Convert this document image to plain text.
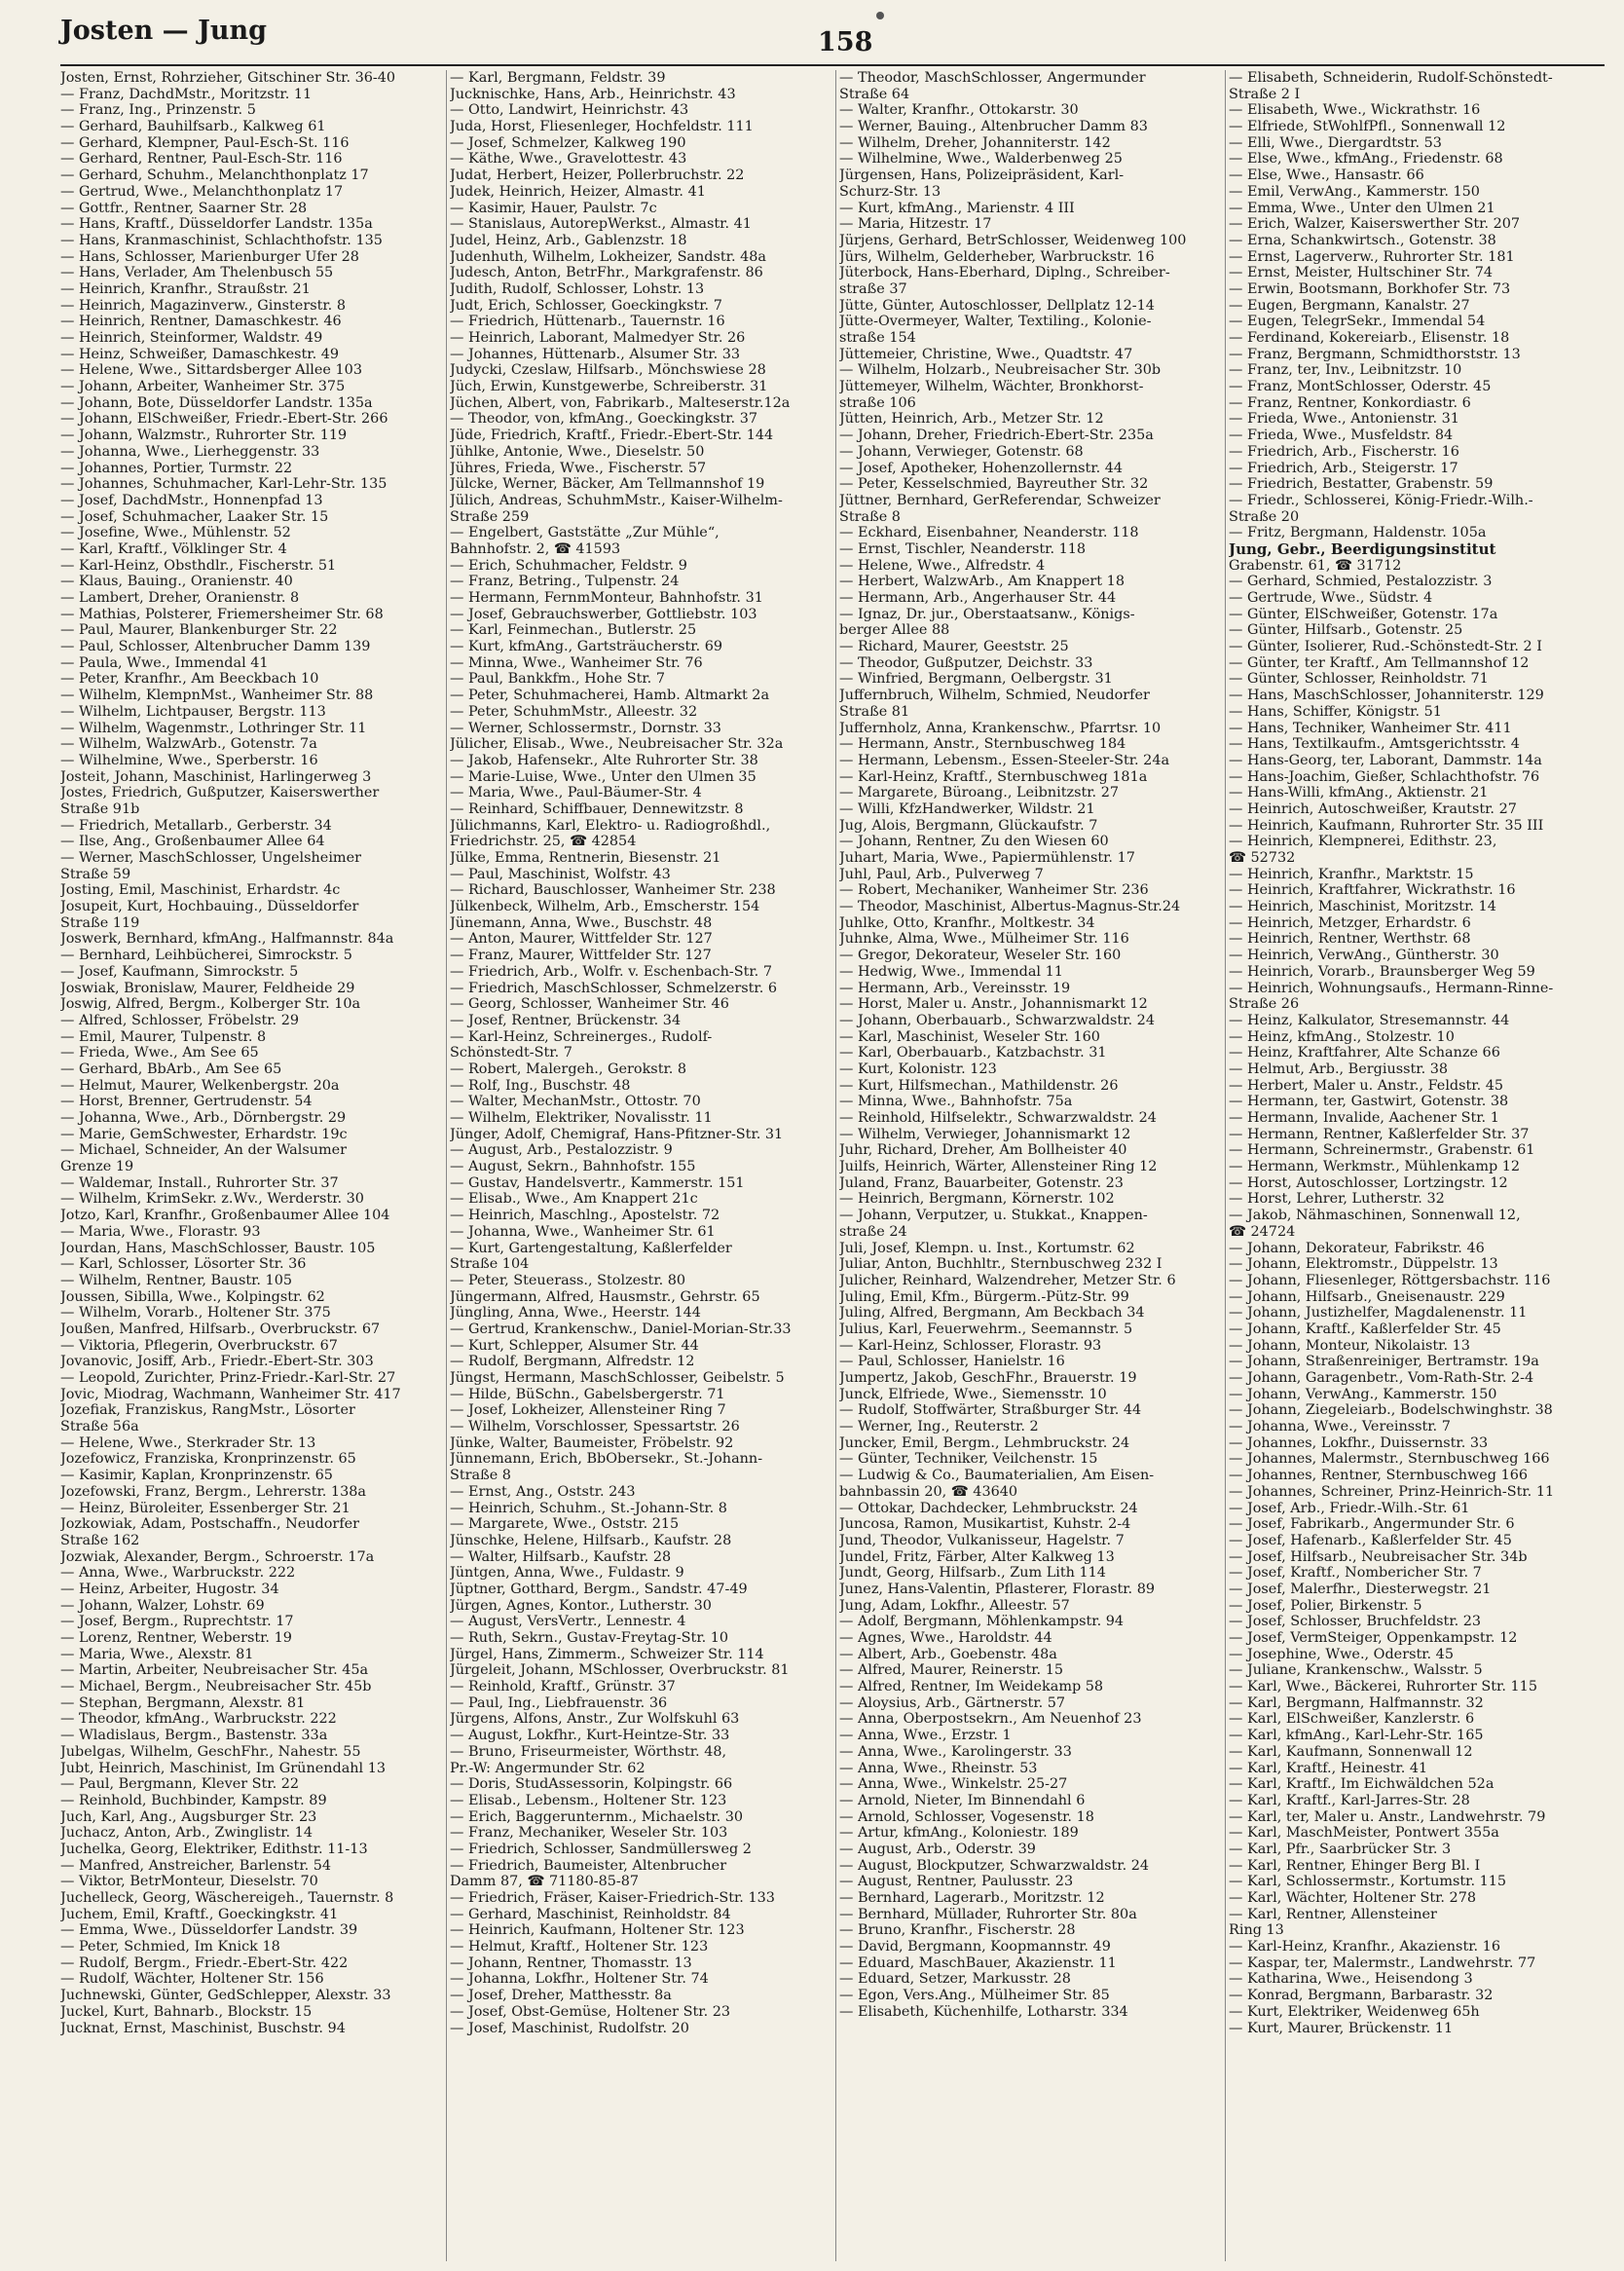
Josten — Jung	158
Josten, Ernst, Rohrzieher, Gitschiner Str. 36-40
— Franz, DachdMstr., Moritzstr. 11
— Franz, Ing., Prinzenstr. 5
— Gerhard, Bauhilfsarb., Kalkweg 61
— Gerhard, Klempner, Paul-Esch-St. 116
— Gerhard, Rentner, Paul-Esch-Str. 116
— Gerhard, Schuhm., Melanchthonplatz 17
— Gertrud, Wwe., Melanchthonplatz 17
— Gottfr., Rentner, Saarner Str. 28
— Hans, Kraftf., Düsseldorfer Landstr. 135a
— Hans, Kranmaschinist, Schlachthofstr. 135
— Hans, Schlosser, Marienburger Ufer 28
— Hans, Verlader, Am Thelenbusch 55
— Heinrich, Kranfhr., Straußstr. 21
— Heinrich, Magazinverw., Ginsterstr. 8
— Heinrich, Rentner, Damaschkestr. 46
— Heinrich, Steinformer, Waldstr. 49
— Heinz, Schweißer, Damaschkestr. 49
— Helene, Wwe., Sittardsberger Allee 103
— Johann, Arbeiter, Wanheimer Str. 375
— Johann, Bote, Düsseldorfer Landstr. 135a
— Johann, ElSchweißer, Friedr.-Ebert-Str. 266
— Johann, Walzmstr., Ruhrorter Str. 119
— Johanna, Wwe., Lierheggenstr. 33
— Johannes, Portier, Turmstr. 22
— Johannes, Schuhmacher, Karl-Lehr-Str. 135
— Josef, DachdMstr., Honnenpfad 13
— Josef, Schuhmacher, Laaker Str. 15
— Josefine, Wwe., Mühlenstr. 52
— Karl, Kraftf., Völklinger Str. 4
— Karl-Heinz, Obsthdlr., Fischerstr. 51
— Klaus, Bauing., Oranienstr. 40
— Lambert, Dreher, Oranienstr. 8
— Mathias, Polsterer, Friemersheimer Str. 68
— Paul, Maurer, Blankenburger Str. 22
— Paul, Schlosser, Altenbrucher Damm 139
— Paula, Wwe., Immendal 41
— Peter, Kranfhr., Am Beeckbach 10
— Wilhelm, KlempnMst., Wanheimer Str. 88
— Wilhelm, Lichtpauser, Bergstr. 113
— Wilhelm, Wagenmstr., Lothringer Str. 11
— Wilhelm, WalzwArb., Gotenstr. 7a
— Wilhelmine, Wwe., Sperberstr. 16
Josteit, Johann, Maschinist, Harlingerweg 3
Jostes, Friedrich, Gußputzer, Kaiserswerther
Straße 91b
— Friedrich, Metallarb., Gerberstr. 34
— Ilse, Ang., Großenbaumer Allee 64
— Werner, MaschSchlosser, Ungelsheimer
Straße 59
Josting, Emil, Maschinist, Erhardstr. 4c
Josupeit, Kurt, Hochbauing., Düsseldorfer
Straße 119
Joswerk, Bernhard, kfmAng., Halfmannstr. 84a
— Bernhard, Leihbücherei, Simrockstr. 5
— Josef, Kaufmann, Simrockstr. 5
Joswiak, Bronislaw, Maurer, Feldheide 29
Joswig, Alfred, Bergm., Kolberger Str. 10a
— Alfred, Schlosser, Fröbelstr. 29
— Emil, Maurer, Tulpenstr. 8
— Frieda, Wwe., Am See 65
— Gerhard, BbArb., Am See 65
— Helmut, Maurer, Welkenbergstr. 20a
— Horst, Brenner, Gertrudenstr. 54
— Johanna, Wwe., Arb., Dörnbergstr. 29
— Marie, GemSchwester, Erhardstr. 19c
— Michael, Schneider, An der Walsumer
Grenze 19
— Waldemar, Install., Ruhrorter Str. 37
— Wilhelm, KrimSekr. z.Wv., Werderstr. 30
Jotzo, Karl, Kranfhr., Großenbaumer Allee 104
— Maria, Wwe., Florastr. 93
Jourdan, Hans, MaschSchlosser, Baustr. 105
— Karl, Schlosser, Lösorter Str. 36
— Wilhelm, Rentner, Baustr. 105
Joussen, Sibilla, Wwe., Kolpingstr. 62
— Wilhelm, Vorarb., Holtener Str. 375
Joußen, Manfred, Hilfsarb., Overbruckstr. 67
— Viktoria, Pflegerin, Overbruckstr. 67
Jovanovic, Josiff, Arb., Friedr.-Ebert-Str. 303
— Leopold, Zurichter, Prinz-Friedr.-Karl-Str. 27
Jovic, Miodrag, Wachmann, Wanheimer Str. 417
Jozefiak, Franziskus, RangMstr., Lösorter
Straße 56a
— Helene, Wwe., Sterkrader Str. 13
Jozefowicz, Franziska, Kronprinzenstr. 65
— Kasimir, Kaplan, Kronprinzenstr. 65
Jozefowski, Franz, Bergm., Lehrerstr. 138a
— Heinz, Büroleiter, Essenberger Str. 21
Jozkowiak, Adam, Postschaffn., Neudorfer
Straße 162
Jozwiak, Alexander, Bergm., Schroerstr. 17a
— Anna, Wwe., Warbruckstr. 222
— Heinz, Arbeiter, Hugostr. 34
— Johann, Walzer, Lohstr. 69
— Josef, Bergm., Ruprechtstr. 17
— Lorenz, Rentner, Weberstr. 19
— Maria, Wwe., Alexstr. 81
— Martin, Arbeiter, Neubreisacher Str. 45a
— Michael, Bergm., Neubreisacher Str. 45b
— Stephan, Bergmann, Alexstr. 81
— Theodor, kfmAng., Warbruckstr. 222
— Wladislaus, Bergm., Bastenstr. 33a
Jubelgas, Wilhelm, GeschFhr., Nahestr. 55
Jubt, Heinrich, Maschinist, Im Grünendahl 13
— Paul, Bergmann, Klever Str. 22
— Reinhold, Buchbinder, Kampstr. 89
Juch, Karl, Ang., Augsburger Str. 23
Juchacz, Anton, Arb., Zwinglistr. 14
Juchelka, Georg, Elektriker, Edithstr. 11-13
— Manfred, Anstreicher, Barlenstr. 54
— Viktor, BetrMonteur, Dieselstr. 70
Juchelleck, Georg, Wäschereigeh., Tauernstr. 8
Juchem, Emil, Kraftf., Goeckingkstr. 41
— Emma, Wwe., Düsseldorfer Landstr. 39
— Peter, Schmied, Im Knick 18
— Rudolf, Bergm., Friedr.-Ebert-Str. 422
— Rudolf, Wächter, Holtener Str. 156
Juchnewski, Günter, GedSchlepper, Alexstr. 33
Juckel, Kurt, Bahnarb., Blockstr. 15
Jucknat, Ernst, Maschinist, Buschstr. 94
— Karl, Bergmann, Feldstr. 39
Jucknischke, Hans, Arb., Heinrichstr. 43
— Otto, Landwirt, Heinrichstr. 43
Juda, Horst, Fliesenleger, Hochfeldstr. 111
— Josef, Schmelzer, Kalkweg 190
— Käthe, Wwe., Gravelottestr. 43
Judat, Herbert, Heizer, Pollerbruchstr. 22
Judek, Heinrich, Heizer, Almastr. 41
— Kasimir, Hauer, Paulstr. 7c
— Stanislaus, AutorepWerkst., Almastr. 41
Judel, Heinz, Arb., Gablenzstr. 18
Judenhuth, Wilhelm, Lokheizer, Sandstr. 48a
Judesch, Anton, BetrFhr., Markgrafenstr. 86
Judith, Rudolf, Schlosser, Lohstr. 13
Judt, Erich, Schlosser, Goeckingkstr. 7
— Friedrich, Hüttenarb., Tauernstr. 16
— Heinrich, Laborant, Malmedyer Str. 26
— Johannes, Hüttenarb., Alsumer Str. 33
Judycki, Czeslaw, Hilfsarb., Mönchswiese 28
Jüch, Erwin, Kunstgewerbe, Schreiberstr. 31
Jüchen, Albert, von, Fabrikarb., Malteserstr.12a
— Theodor, von, kfmAng., Goeckingkstr. 37
Jüde, Friedrich, Kraftf., Friedr.-Ebert-Str. 144
Jühlke, Antonie, Wwe., Dieselstr. 50
Jühres, Frieda, Wwe., Fischerstr. 57
Jülcke, Werner, Bäcker, Am Tellmannshof 19
Jülich, Andreas, SchuhmMstr., Kaiser-Wilhelm-
Straße 259
— Engelbert, Gaststätte „Zur Mühle“,
Bahnhofstr. 2, ☎ 41593
— Erich, Schuhmacher, Feldstr. 9
— Franz, Betring., Tulpenstr. 24
— Hermann, FernmMonteur, Bahnhofstr. 31
— Josef, Gebrauchswerber, Gottliebstr. 103
— Karl, Feinmechan., Butlerstr. 25
— Kurt, kfmAng., Gartsträucherstr. 69
— Minna, Wwe., Wanheimer Str. 76
— Paul, Bankkfm., Hohe Str. 7
— Peter, Schuhmacherei, Hamb. Altmarkt 2a
— Peter, SchuhmMstr., Alleestr. 32
— Werner, Schlossermstr., Dornstr. 33
Jülicher, Elisab., Wwe., Neubreisacher Str. 32a
— Jakob, Hafensekr., Alte Ruhrorter Str. 38
— Marie-Luise, Wwe., Unter den Ulmen 35
— Maria, Wwe., Paul-Bäumer-Str. 4
— Reinhard, Schiffbauer, Dennewitzstr. 8
Jülichmanns, Karl, Elektro- u. Radiogroßhdl.,
Friedrichstr. 25, ☎ 42854
Jülke, Emma, Rentnerin, Biesenstr. 21
— Paul, Maschinist, Wolfstr. 43
— Richard, Bauschlosser, Wanheimer Str. 238
Jülkenbeck, Wilhelm, Arb., Emscherstr. 154
Jünemann, Anna, Wwe., Buschstr. 48
— Anton, Maurer, Wittfelder Str. 127
— Franz, Maurer, Wittfelder Str. 127
— Friedrich, Arb., Wolfr. v. Eschenbach-Str. 7
— Friedrich, MaschSchlosser, Schmelzerstr. 6
— Georg, Schlosser, Wanheimer Str. 46
— Josef, Rentner, Brückenstr. 34
— Karl-Heinz, Schreinerges., Rudolf-
Schönstedt-Str. 7
— Robert, Malergeh., Gerokstr. 8
— Rolf, Ing., Buschstr. 48
— Walter, MechanMstr., Ottostr. 70
— Wilhelm, Elektriker, Novalisstr. 11
Jünger, Adolf, Chemigraf, Hans-Pfitzner-Str. 31
— August, Arb., Pestalozzistr. 9
— August, Sekrn., Bahnhofstr. 155
— Gustav, Handelsvertr., Kammerstr. 151
— Elisab., Wwe., Am Knappert 21c
— Heinrich, Maschlng., Apostelstr. 72
— Johanna, Wwe., Wanheimer Str. 61
— Kurt, Gartengestaltung, Kaßlerfelder
Straße 104
— Peter, Steuerass., Stolzestr. 80
Jüngermann, Alfred, Hausmstr., Gehrstr. 65
Jüngling, Anna, Wwe., Heerstr. 144
— Gertrud, Krankenschw., Daniel-Morian-Str.33
— Kurt, Schlepper, Alsumer Str. 44
— Rudolf, Bergmann, Alfredstr. 12
Jüngst, Hermann, MaschSchlosser, Geibelstr. 5
— Hilde, BüSchn., Gabelsbergerstr. 71
— Josef, Lokheizer, Allensteiner Ring 7
— Wilhelm, Vorschlosser, Spessartstr. 26
Jünke, Walter, Baumeister, Fröbelstr. 92
Jünnemann, Erich, BbObersekr., St.-Johann-
Straße 8
— Ernst, Ang., Oststr. 243
— Heinrich, Schuhm., St.-Johann-Str. 8
— Margarete, Wwe., Oststr. 215
Jünschke, Helene, Hilfsarb., Kaufstr. 28
— Walter, Hilfsarb., Kaufstr. 28
Jüntgen, Anna, Wwe., Fuldastr. 9
Jüptner, Gotthard, Bergm., Sandstr. 47-49
Jürgen, Agnes, Kontor., Lutherstr. 30
— August, VersVertr., Lennestr. 4
— Ruth, Sekrn., Gustav-Freytag-Str. 10
Jürgel, Hans, Zimmerm., Schweizer Str. 114
Jürgeleit, Johann, MSchlosser, Overbruckstr. 81
— Reinhold, Kraftf., Grünstr. 37
— Paul, Ing., Liebfrauenstr. 36
Jürgens, Alfons, Anstr., Zur Wolfskuhl 63
— August, Lokfhr., Kurt-Heintze-Str. 33
— Bruno, Friseurmeister, Wörthstr. 48,
Pr.-W: Angermunder Str. 62
— Doris, StudAssessorin, Kolpingstr. 66
— Elisab., Lebensm., Holtener Str. 123
— Erich, Baggerunternm., Michaelstr. 30
— Franz, Mechaniker, Weseler Str. 103
— Friedrich, Schlosser, Sandmüllersweg 2
— Friedrich, Baumeister, Altenbrucher
Damm 87, ☎ 71180-85-87
— Friedrich, Fräser, Kaiser-Friedrich-Str. 133
— Gerhard, Maschinist, Reinholdstr. 84
— Heinrich, Kaufmann, Holtener Str. 123
— Helmut, Kraftf., Holtener Str. 123
— Johann, Rentner, Thomasstr. 13
— Johanna, Lokfhr., Holtener Str. 74
— Josef, Dreher, Matthesstr. 8a
— Josef, Obst-Gemüse, Holtener Str. 23
— Josef, Maschinist, Rudolfstr. 20
— Theodor, MaschSchlosser, Angermunder
Straße 64
— Walter, Kranfhr., Ottokarstr. 30
— Werner, Bauing., Altenbrucher Damm 83
— Wilhelm, Dreher, Johanniterstr. 142
— Wilhelmine, Wwe., Walderbenweg 25
Jürgensen, Hans, Polizeipräsident, Karl-
Schurz-Str. 13
— Kurt, kfmAng., Marienstr. 4 III
— Maria, Hitzestr. 17
Jürjens, Gerhard, BetrSchlosser, Weidenweg 100
Jürs, Wilhelm, Gelderheber, Warbruckstr. 16
Jüterbock, Hans-Eberhard, Diplng., Schreiber-
straße 37
Jütte, Günter, Autoschlosser, Dellplatz 12-14
Jütte-Overmeyer, Walter, Textiling., Kolonie-
straße 154
Jüttemeier, Christine, Wwe., Quadtstr. 47
— Wilhelm, Holzarb., Neubreisacher Str. 30b
Jüttemeyer, Wilhelm, Wächter, Bronkhorst-
straße 106
Jütten, Heinrich, Arb., Metzer Str. 12
— Johann, Dreher, Friedrich-Ebert-Str. 235a
— Johann, Verwieger, Gotenstr. 68
— Josef, Apotheker, Hohenzollernstr. 44
— Peter, Kesselschmied, Bayreuther Str. 32
Jüttner, Bernhard, GerReferendar, Schweizer
Straße 8
— Eckhard, Eisenbahner, Neanderstr. 118
— Ernst, Tischler, Neanderstr. 118
— Helene, Wwe., Alfredstr. 4
— Herbert, WalzwArb., Am Knappert 18
— Hermann, Arb., Angerhauser Str. 44
— Ignaz, Dr. jur., Oberstaatsanw., Königs-
berger Allee 88
— Richard, Maurer, Geeststr. 25
— Theodor, Gußputzer, Deichstr. 33
— Winfried, Bergmann, Oelbergstr. 31
Juffernbruch, Wilhelm, Schmied, Neudorfer
Straße 81
Juffernholz, Anna, Krankenschw., Pfarrtsr. 10
— Hermann, Anstr., Sternbuschweg 184
— Hermann, Lebensm., Essen-Steeler-Str. 24a
— Karl-Heinz, Kraftf., Sternbuschweg 181a
— Margarete, Büroang., Leibnitzstr. 27
— Willi, KfzHandwerker, Wildstr. 21
Jug, Alois, Bergmann, Glückaufstr. 7
— Johann, Rentner, Zu den Wiesen 60
Juhart, Maria, Wwe., Papiermühlenstr. 17
Juhl, Paul, Arb., Pulverweg 7
— Robert, Mechaniker, Wanheimer Str. 236
— Theodor, Maschinist, Albertus-Magnus-Str.24
Juhlke, Otto, Kranfhr., Moltkestr. 34
Juhnke, Alma, Wwe., Mülheimer Str. 116
— Gregor, Dekorateur, Weseler Str. 160
— Hedwig, Wwe., Immendal 11
— Hermann, Arb., Vereinsstr. 19
— Horst, Maler u. Anstr., Johannismarkt 12
— Johann, Oberbauarb., Schwarzwaldstr. 24
— Karl, Maschinist, Weseler Str. 160
— Karl, Oberbauarb., Katzbachstr. 31
— Kurt, Kolonistr. 123
— Kurt, Hilfsmechan., Mathildenstr. 26
— Minna, Wwe., Bahnhofstr. 75a
— Reinhold, Hilfselektr., Schwarzwaldstr. 24
— Wilhelm, Verwieger, Johannismarkt 12
Juhr, Richard, Dreher, Am Bollheister 40
Juilfs, Heinrich, Wärter, Allensteiner Ring 12
Juland, Franz, Bauarbeiter, Gotenstr. 23
— Heinrich, Bergmann, Körnerstr. 102
— Johann, Verputzer, u. Stukkat., Knappen-
straße 24
Juli, Josef, Klempn. u. Inst., Kortumstr. 62
Juliar, Anton, Buchhltr., Sternbuschweg 232 I
Julicher, Reinhard, Walzendreher, Metzer Str. 6
Juling, Emil, Kfm., Bürgerm.-Pütz-Str. 99
Juling, Alfred, Bergmann, Am Beckbach 34
Julius, Karl, Feuerwehrm., Seemannstr. 5
— Karl-Heinz, Schlosser, Florastr. 93
— Paul, Schlosser, Hanielstr. 16
Jumpertz, Jakob, GeschFhr., Brauerstr. 19
Junck, Elfriede, Wwe., Siemensstr. 10
— Rudolf, Stoffwärter, Straßburger Str. 44
— Werner, Ing., Reuterstr. 2
Juncker, Emil, Bergm., Lehmbruckstr. 24
— Günter, Techniker, Veilchenstr. 15
— Ludwig & Co., Baumaterialien, Am Eisen-
bahnbassin 20, ☎ 43640
— Ottokar, Dachdecker, Lehmbruckstr. 24
Juncosa, Ramon, Musikartist, Kuhstr. 2-4
Jund, Theodor, Vulkanisseur, Hagelstr. 7
Jundel, Fritz, Färber, Alter Kalkweg 13
Jundt, Georg, Hilfsarb., Zum Lith 114
Junez, Hans-Valentin, Pflasterer, Florastr. 89
Jung, Adam, Lokfhr., Alleestr. 57
— Adolf, Bergmann, Möhlenkampstr. 94
— Agnes, Wwe., Haroldstr. 44
— Albert, Arb., Goebenstr. 48a
— Alfred, Maurer, Reinerstr. 15
— Alfred, Rentner, Im Weidekamp 58
— Aloysius, Arb., Gärtnerstr. 57
— Anna, Oberpostsekrn., Am Neuenhof 23
— Anna, Wwe., Erzstr. 1
— Anna, Wwe., Karolingerstr. 33
— Anna, Wwe., Rheinstr. 53
— Anna, Wwe., Winkelstr. 25-27
— Arnold, Nieter, Im Binnendahl 6
— Arnold, Schlosser, Vogesenstr. 18
— Artur, kfmAng., Koloniestr. 189
— August, Arb., Oderstr. 39
— August, Blockputzer, Schwarzwaldstr. 24
— August, Rentner, Paulusstr. 23
— Bernhard, Lagerarb., Moritzstr. 12
— Bernhard, Müllader, Ruhrorter Str. 80a
— Bruno, Kranfhr., Fischerstr. 28
— David, Bergmann, Koopmannstr. 49
— Eduard, MaschBauer, Akazienstr. 11
— Eduard, Setzer, Markusstr. 28
— Egon, Vers.Ang., Mülheimer Str. 85
— Elisabeth, Küchenhilfe, Lotharstr. 334
— Elisabeth, Schneiderin, Rudolf-Schönstedt-
Straße 2 I
— Elisabeth, Wwe., Wickrathstr. 16
— Elfriede, StWohlfPfl., Sonnenwall 12
— Elli, Wwe., Diergardtstr. 53
— Else, Wwe., kfmAng., Friedenstr. 68
— Else, Wwe., Hansastr. 66
— Emil, VerwAng., Kammerstr. 150
— Emma, Wwe., Unter den Ulmen 21
— Erich, Walzer, Kaiserswerther Str. 207
— Erna, Schankwirtsch., Gotenstr. 38
— Ernst, Lagerverw., Ruhrorter Str. 181
— Ernst, Meister, Hultschiner Str. 74
— Erwin, Bootsmann, Borkhofer Str. 73
— Eugen, Bergmann, Kanalstr. 27
— Eugen, TelegrSekr., Immendal 54
— Ferdinand, Kokereiarb., Elisenstr. 18
— Franz, Bergmann, Schmidthorststr. 13
— Franz, ter, Inv., Leibnitzstr. 10
— Franz, MontSchlosser, Oderstr. 45
— Franz, Rentner, Konkordiastr. 6
— Frieda, Wwe., Antonienstr. 31
— Frieda, Wwe., Musfeldstr. 84
— Friedrich, Arb., Fischerstr. 16
— Friedrich, Arb., Steigerstr. 17
— Friedrich, Bestatter, Grabenstr. 59
— Friedr., Schlosserei, König-Friedr.-Wilh.-
Straße 20
— Fritz, Bergmann, Haldenstr. 105a
Jung, Gebr., Beerdigungsinstitut
Grabenstr. 61, ☎ 31712
— Gerhard, Schmied, Pestalozzistr. 3
— Gertrude, Wwe., Südstr. 4
— Günter, ElSchweißer, Gotenstr. 17a
— Günter, Hilfsarb., Gotenstr. 25
— Günter, Isolierer, Rud.-Schönstedt-Str. 2 I
— Günter, ter Kraftf., Am Tellmannshof 12
— Günter, Schlosser, Reinholdstr. 71
— Hans, MaschSchlosser, Johanniterstr. 129
— Hans, Schiffer, Königstr. 51
— Hans, Techniker, Wanheimer Str. 411
— Hans, Textilkaufm., Amtsgerichtsstr. 4
— Hans-Georg, ter, Laborant, Dammstr. 14a
— Hans-Joachim, Gießer, Schlachthofstr. 76
— Hans-Willi, kfmAng., Aktienstr. 21
— Heinrich, Autoschweißer, Krautstr. 27
— Heinrich, Kaufmann, Ruhrorter Str. 35 III
— Heinrich, Klempnerei, Edithstr. 23,
☎ 52732
— Heinrich, Kranfhr., Marktstr. 15
— Heinrich, Kraftfahrer, Wickrathstr. 16
— Heinrich, Maschinist, Moritzstr. 14
— Heinrich, Metzger, Erhardstr. 6
— Heinrich, Rentner, Werthstr. 68
— Heinrich, VerwAng., Güntherstr. 30
— Heinrich, Vorarb., Braunsberger Weg 59
— Heinrich, Wohnungsaufs., Hermann-Rinne-
Straße 26
— Heinz, Kalkulator, Stresemannstr. 44
— Heinz, kfmAng., Stolzestr. 10
— Heinz, Kraftfahrer, Alte Schanze 66
— Helmut, Arb., Bergiusstr. 38
— Herbert, Maler u. Anstr., Feldstr. 45
— Hermann, ter, Gastwirt, Gotenstr. 38
— Hermann, Invalide, Aachener Str. 1
— Hermann, Rentner, Kaßlerfelder Str. 37
— Hermann, Schreinermstr., Grabenstr. 61
— Hermann, Werkmstr., Mühlenkamp 12
— Horst, Autoschlosser, Lortzingstr. 12
— Horst, Lehrer, Lutherstr. 32
— Jakob, Nähmaschinen, Sonnenwall 12,
☎ 24724
— Johann, Dekorateur, Fabrikstr. 46
— Johann, Elektromstr., Düppelstr. 13
— Johann, Fliesenleger, Röttgersbachstr. 116
— Johann, Hilfsarb., Gneisenaustr. 229
— Johann, Justizhelfer, Magdalenenstr. 11
— Johann, Kraftf., Kaßlerfelder Str. 45
— Johann, Monteur, Nikolaistr. 13
— Johann, Straßenreiniger, Bertramstr. 19a
— Johann, Garagenbetr., Vom-Rath-Str. 2-4
— Johann, VerwAng., Kammerstr. 150
— Johann, Ziegeleiarb., Bodelschwinghstr. 38
— Johanna, Wwe., Vereinsstr. 7
— Johannes, Lokfhr., Duissernstr. 33
— Johannes, Malermstr., Sternbuschweg 166
— Johannes, Rentner, Sternbuschweg 166
— Johannes, Schreiner, Prinz-Heinrich-Str. 11
— Josef, Arb., Friedr.-Wilh.-Str. 61
— Josef, Fabrikarb., Angermunder Str. 6
— Josef, Hafenarb., Kaßlerfelder Str. 45
— Josef, Hilfsarb., Neubreisacher Str. 34b
— Josef, Kraftf., Nombericher Str. 7
— Josef, Malerfhr., Diesterwegstr. 21
— Josef, Polier, Birkenstr. 5
— Josef, Schlosser, Bruchfeldstr. 23
— Josef, VermSteiger, Oppenkampstr. 12
— Josephine, Wwe., Oderstr. 45
— Juliane, Krankenschw., Walsstr. 5
— Karl, Wwe., Bäckerei, Ruhrorter Str. 115
— Karl, Bergmann, Halfmannstr. 32
— Karl, ElSchweißer, Kanzlerstr. 6
— Karl, kfmAng., Karl-Lehr-Str. 165
— Karl, Kaufmann, Sonnenwall 12
— Karl, Kraftf., Heinestr. 41
— Karl, Kraftf., Im Eichwäldchen 52a
— Karl, Kraftf., Karl-Jarres-Str. 28
— Karl, ter, Maler u. Anstr., Landwehrstr. 79
— Karl, MaschMeister, Pontwert 355a
— Karl, Pfr., Saarbrücker Str. 3
— Karl, Rentner, Ehinger Berg Bl. I
— Karl, Schlossermstr., Kortumstr. 115
— Karl, Wächter, Holtener Str. 278
— Karl, Rentner, Allensteiner
Ring 13
— Karl-Heinz, Kranfhr., Akazienstr. 16
— Kaspar, ter, Malermstr., Landwehrstr. 77
— Katharina, Wwe., Heisendong 3
— Konrad, Bergmann, Barbarastr. 32
— Kurt, Elektriker, Weidenweg 65h
— Kurt, Maurer, Brückenstr. 11
